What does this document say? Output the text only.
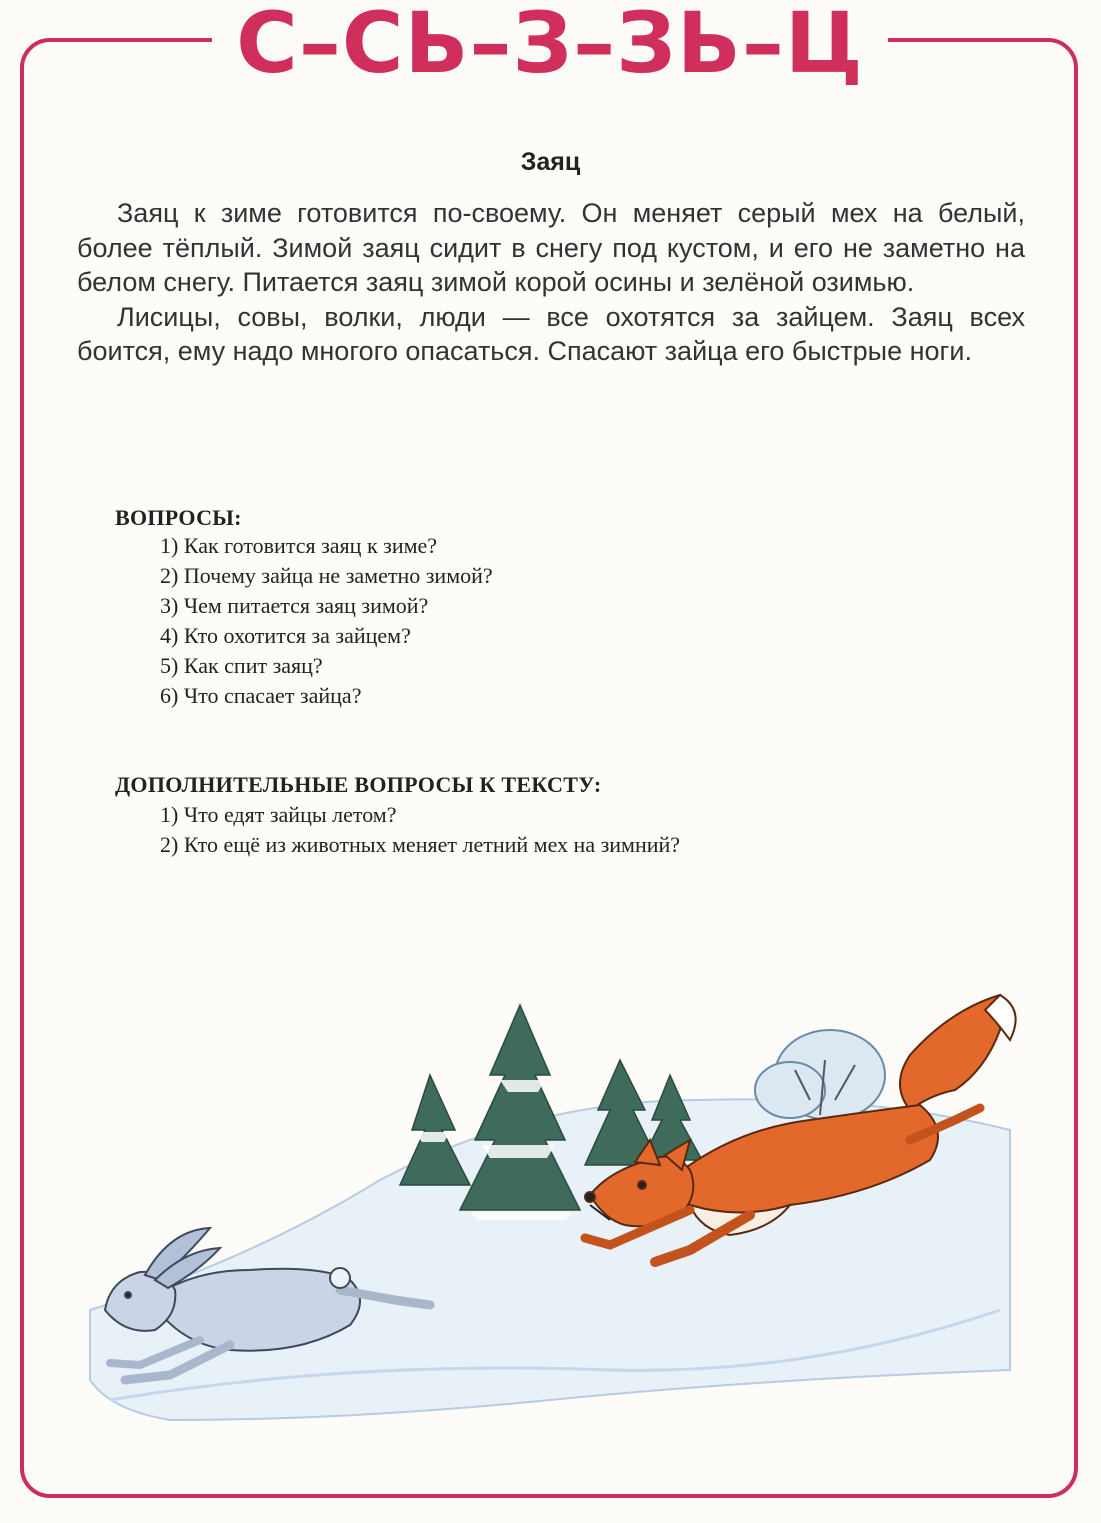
С–СЬ–З–ЗЬ–Ц
Заяц

Заяц к зиме готовится по-своему. Он меняет серый мех на белый, более тёплый. Зимой заяц сидит в снегу под кустом, и его не заметно на белом снегу. Питается заяц зимой корой осины и зелёной озимью.

Лисицы, совы, волки, люди — все охотятся за зайцем. Заяц всех боится, ему надо многого опасаться. Спасают зайца его быстрые ноги.

ВОПРОСЫ:
1) Как готовится заяц к зиме?
2) Почему зайца не заметно зимой?
3) Чем питается заяц зимой?
4) Кто охотится за зайцем?
5) Как спит заяц?
6) Что спасает зайца?
ДОПОЛНИТЕЛЬНЫЕ ВОПРОСЫ К ТЕКСТУ:
1) Что едят зайцы летом?
2) Кто ещё из животных меняет летний мех на зимний?
